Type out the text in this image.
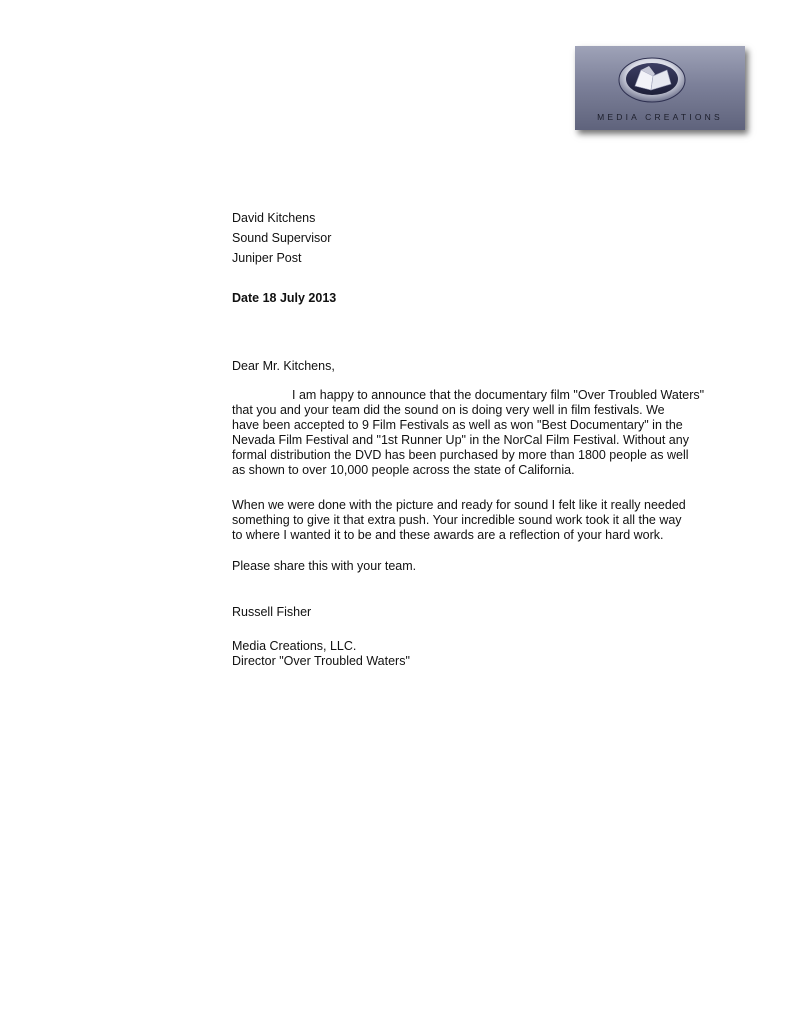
MEDIA CREATIONS
David Kitchens
Sound Supervisor
Juniper Post
Date 18 July 2013
Dear Mr. Kitchens,
I am happy to announce that the documentary film "Over Troubled Waters"
that you and your team did the sound on is doing very well in film festivals. We
have been accepted to 9 Film Festivals as well as won "Best Documentary" in the
Nevada Film Festival and "1st Runner Up" in the NorCal Film Festival. Without any
formal distribution the DVD has been purchased by more than 1800 people as well
as shown to over 10,000 people across the state of California.
When we were done with the picture and ready for sound I felt like it really needed
something to give it that extra push. Your incredible sound work took it all the way
to where I wanted it to be and these awards are a reflection of your hard work.
Please share this with your team.
Russell Fisher
Media Creations, LLC.
Director "Over Troubled Waters"
